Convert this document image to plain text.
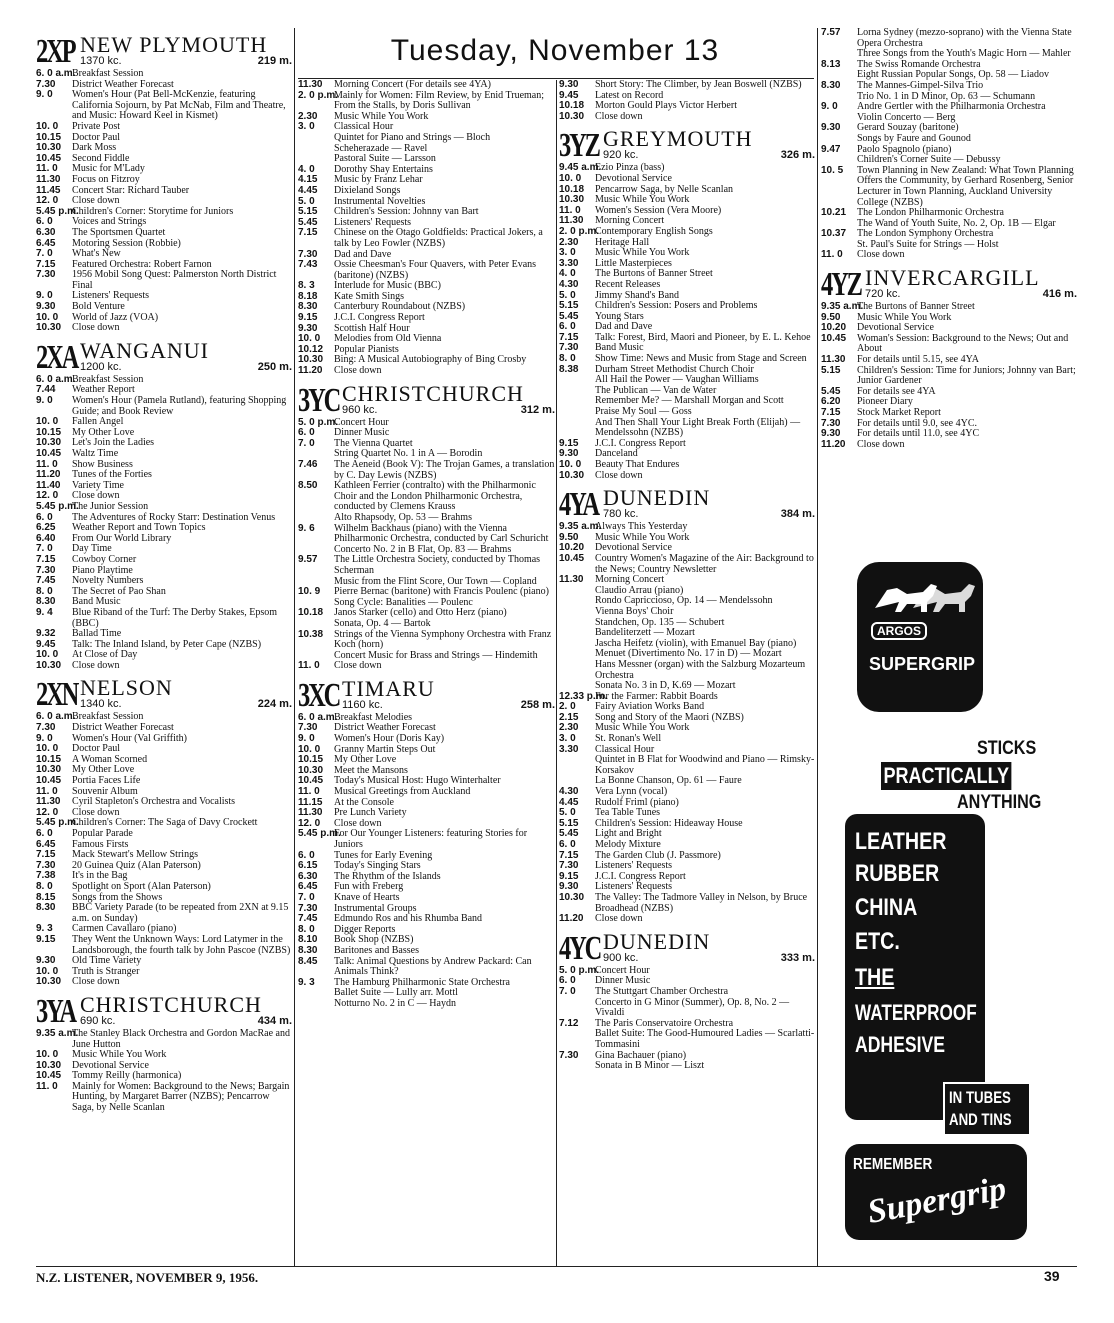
Tuesday, November 13
2XP NEW PLYMOUTH
1370 kc.	219 m.
6. 0 a.m.
Breakfast Session
7.30	District Weather Forecast
9. 0	Women's Hour (Pat Bell-McKenzie, featuring California Sojourn, by Pat McNab, Film and Theatre, and Music: Howard Keel in Kismet)
10. 0	Private Post
10.15	Doctor Paul
10.30	Dark Moss
10.45	Second Fiddle
11. 0	Music for M'Lady
11.30	Focus on Fitzroy
11.45	Concert Star: Richard Tauber
12. 0	Close down
5.45 p.m.
Children's Corner: Storytime for Juniors
6. 0	Voices and Strings
6.30	The Sportsmen Quartet
6.45	Motoring Session (Robbie)
7. 0	What's New
7.15	Featured Orchestra: Robert Farnon
7.30	1956 Mobil Song Quest: Palmerston North District Final
9. 0	Listeners' Requests
9.30	Bold Venture
10. 0	World of Jazz (VOA)
10.30	Close down
2XA WANGANUI
1200 kc.	250 m.
6. 0 a.m.
Breakfast Session
7.44	Weather Report
9. 0	Women's Hour (Pamela Rutland), featuring Shopping Guide; and Book Review
10. 0	Fallen Angel
10.15	My Other Love
10.30	Let's Join the Ladies
10.45	Waltz Time
11. 0	Show Business
11.20	Tunes of the Forties
11.40	Variety Time
12. 0	Close down
5.45 p.m.
The Junior Session
6. 0	The Adventures of Rocky Starr: Destination Venus
6.25	Weather Report and Town Topics
6.40	From Our World Library
7. 0	Day Time
7.15	Cowboy Corner
7.30	Piano Playtime
7.45	Novelty Numbers
8. 0	The Secret of Pao Shan
8.30	Band Music
9. 4	Blue Riband of the Turf: The Derby Stakes, Epsom (BBC)
9.32	Ballad Time
9.45	Talk: The Inland Island, by Peter Cape (NZBS)
10. 0	At Close of Day
10.30	Close down
2XN NELSON
1340 kc.	224 m.
6. 0 a.m.
Breakfast Session
7.30	District Weather Forecast
9. 0	Women's Hour (Val Griffith)
10. 0	Doctor Paul
10.15	A Woman Scorned
10.30	My Other Love
10.45	Portia Faces Life
11. 0	Souvenir Album
11.30	Cyril Stapleton's Orchestra and Vocalists
12. 0	Close down
5.45 p.m.
Children's Corner: The Saga of Davy Crockett
6. 0	Popular Parade
6.45	Famous Firsts
7.15	Mack Stewart's Mellow Strings
7.30	20 Guinea Quiz (Alan Paterson)
7.38	It's in the Bag
8. 0	Spotlight on Sport (Alan Paterson)
8.15	Songs from the Shows
8.30	BBC Variety Parade (to be repeated from 2XN at 9.15 a.m. on Sunday)
9. 3	Carmen Cavallaro (piano)
9.15	They Went the Unknown Ways: Lord Latymer in the Landsborough, the fourth talk by John Pascoe (NZBS)
9.30	Old Time Variety
10. 0	Truth is Stranger
10.30	Close down
3YA CHRISTCHURCH
690 kc.	434 m.
9.35 a.m.
The Stanley Black Orchestra and Gordon MacRae and June Hutton
10. 0	Music While You Work
10.30	Devotional Service
10.45	Tommy Reilly (harmonica)
11. 0	Mainly for Women: Background to the News; Bargain Hunting, by Margaret Barrer (NZBS); Pencarrow Saga, by Nelle Scanlan
11.30	Morning Concert (For details see 4YA)
2. 0 p.m.
Mainly for Women: Film Review, by Enid Trueman; From the Stalls, by Doris Sullivan
2.30	Music While You Work
3. 0	Classical Hour
Quintet for Piano and Strings — Bloch
Scheherazade — Ravel
Pastoral Suite — Larsson
4. 0	Dorothy Shay Entertains
4.15	Music by Franz Lehar
4.45	Dixieland Songs
5. 0	Instrumental Novelties
5.15	Children's Session: Johnny van Bart
5.45	Listeners' Requests
7.15	Chinese on the Otago Goldfields: Practical Jokers, a talk by Leo Fowler (NZBS)
7.30	Dad and Dave
7.43	Ossie Cheesman's Four Quavers, with Peter Evans (baritone) (NZBS)
8. 3	Interlude for Music (BBC)
8.18	Kate Smith Sings
8.30	Canterbury Roundabout (NZBS)
9.15	J.C.I. Congress Report
9.30	Scottish Half Hour
10. 0	Melodies from Old Vienna
10.12	Popular Pianists
10.30	Bing: A Musical Autobiography of Bing Crosby
11.20	Close down
3YC CHRISTCHURCH
960 kc.	312 m.
5. 0 p.m.
Concert Hour
6. 0	Dinner Music
7. 0	The Vienna Quartet
String Quartet No. 1 in A — Borodin
7.46	The Aeneid (Book V): The Trojan Games, a translation by C. Day Lewis (NZBS)
8.50	Kathleen Ferrier (contralto) with the Philharmonic Choir and the London Philharmonic Orchestra, conducted by Clemens Krauss
Alto Rhapsody, Op. 53 — Brahms
9. 6	Wilhelm Backhaus (piano) with the Vienna Philharmonic Orchestra, conducted by Carl Schuricht
Concerto No. 2 in B Flat, Op. 83 — Brahms
9.57	The Little Orchestra Society, conducted by Thomas Scherman
Music from the Flint Score, Our Town — Copland
10. 9	Pierre Bernac (baritone) with Francis Poulenc (piano)
Song Cycle: Banalities — Poulenc
10.18	Janos Starker (cello) and Otto Herz (piano)
Sonata, Op. 4 — Bartok
10.38	Strings of the Vienna Symphony Orchestra with Franz Koch (horn)
Concert Music for Brass and Strings — Hindemith
11. 0	Close down
3XC TIMARU
1160 kc.	258 m.
6. 0 a.m.
Breakfast Melodies
7.30	District Weather Forecast
9. 0	Women's Hour (Doris Kay)
10. 0	Granny Martin Steps Out
10.15	My Other Love
10.30	Meet the Mansons
10.45	Today's Musical Host: Hugo Winterhalter
11. 0	Musical Greetings from Auckland
11.15	At the Console
11.30	Pre Lunch Variety
12. 0	Close down
5.45 p.m.
For Our Younger Listeners: featuring Stories for Juniors
6. 0	Tunes for Early Evening
6.15	Today's Singing Stars
6.30	The Rhythm of the Islands
6.45	Fun with Freberg
7. 0	Knave of Hearts
7.30	Instrumental Groups
7.45	Edmundo Ros and his Rhumba Band
8. 0	Digger Reports
8.10	Book Shop (NZBS)
8.30	Baritones and Basses
8.45	Talk: Animal Questions by Andrew Packard: Can Animals Think?
9. 3	The Hamburg Philharmonic State Orchestra
Ballet Suite — Lully arr. Mottl
Notturno No. 2 in C — Haydn
9.30	Short Story: The Climber, by Jean Boswell (NZBS)
9.45	Latest on Record
10.18	Morton Gould Plays Victor Herbert
10.30	Close down
3YZ GREYMOUTH
920 kc.	326 m.
9.45 a.m.
Ezio Pinza (bass)
10. 0	Devotional Service
10.18	Pencarrow Saga, by Nelle Scanlan
10.30	Music While You Work
11. 0	Women's Session (Vera Moore)
11.30	Morning Concert
2. 0 p.m.
Contemporary English Songs
2.30	Heritage Hall
3. 0	Music While You Work
3.30	Little Masterpieces
4. 0	The Burtons of Banner Street
4.30	Recent Releases
5. 0	Jimmy Shand's Band
5.15	Children's Session: Posers and Problems
5.45	Young Stars
6. 0	Dad and Dave
7.15	Talk: Forest, Bird, Maori and Pioneer, by E. L. Kehoe
7.30	Band Music
8. 0	Show Time: News and Music from Stage and Screen
8.38	Durham Street Methodist Church Choir
All Hail the Power — Vaughan Williams
The Publican — Van de Water
Remember Me? — Marshall Morgan and Scott
Praise My Soul — Goss
And Then Shall Your Light Break Forth (Elijah) — Mendelssohn (NZBS)
9.15	J.C.I. Congress Report
9.30	Danceland
10. 0	Beauty That Endures
10.30	Close down
4YA DUNEDIN
780 kc.	384 m.
9.35 a.m.
Always This Yesterday
9.50	Music While You Work
10.20	Devotional Service
10.45	Country Women's Magazine of the Air: Background to the News; Country Newsletter
11.30	Morning Concert
Claudio Arrau (piano)
Rondo Capriccioso, Op. 14 — Mendelssohn
Vienna Boys' Choir
Standchen, Op. 135 — Schubert
Bandeliterzett — Mozart
Jascha Heifetz (violin), with Emanuel Bay (piano)
Menuet (Divertimento No. 17 in D) — Mozart
Hans Messner (organ) with the Salzburg Mozarteum Orchestra
Sonata No. 3 in D, K.69 — Mozart
12.33 p.m.
For the Farmer: Rabbit Boards
2. 0	Fairy Aviation Works Band
2.15	Song and Story of the Maori (NZBS)
2.30	Music While You Work
3. 0	St. Ronan's Well
3.30	Classical Hour
Quintet in B Flat for Woodwind and Piano — Rimsky-Korsakov
La Bonne Chanson, Op. 61 — Faure
4.30	Vera Lynn (vocal)
4.45	Rudolf Friml (piano)
5. 0	Tea Table Tunes
5.15	Children's Session: Hideaway House
5.45	Light and Bright
6. 0	Melody Mixture
7.15	The Garden Club (J. Passmore)
7.30	Listeners' Requests
9.15	J.C.I. Congress Report
9.30	Listeners' Requests
10.30	The Valley: The Tadmore Valley in Nelson, by Bruce Broadhead (NZBS)
11.20	Close down
4YC DUNEDIN
900 kc.	333 m.
5. 0 p.m.
Concert Hour
6. 0	Dinner Music
7. 0	The Stuttgart Chamber Orchestra
Concerto in G Minor (Summer), Op. 8, No. 2 — Vivaldi
7.12	The Paris Conservatoire Orchestra
Ballet Suite: The Good-Humoured Ladies — Scarlatti-Tommasini
7.30	Gina Bachauer (piano)
Sonata in B Minor — Liszt
7.57	Lorna Sydney (mezzo-soprano) with the Vienna State Opera Orchestra
Three Songs from the Youth's Magic Horn — Mahler
8.13	The Swiss Romande Orchestra
Eight Russian Popular Songs, Op. 58 — Liadov
8.30	The Mannes-Gimpel-Silva Trio
Trio No. 1 in D Minor, Op. 63 — Schumann
9. 0	Andre Gertler with the Philharmonia Orchestra
Violin Concerto — Berg
9.30	Gerard Souzay (baritone)
Songs by Faure and Gounod
9.47	Paolo Spagnolo (piano)
Children's Corner Suite — Debussy
10. 5	Town Planning in New Zealand: What Town Planning Offers the Community, by Gerhard Rosenberg, Senior Lecturer in Town Planning, Auckland University College (NZBS)
10.21	The London Philharmonic Orchestra
The Wand of Youth Suite, No. 2, Op. 1B — Elgar
10.37	The London Symphony Orchestra
St. Paul's Suite for Strings — Holst
11. 0	Close down
4YZ INVERCARGILL
720 kc.	416 m.
9.35 a.m.
The Burtons of Banner Street
9.50	Music While You Work
10.20	Devotional Service
10.45	Woman's Session: Background to the News; Out and About
11.30	For details until 5.15, see 4YA
5.15	Children's Session: Time for Juniors; Johnny van Bart; Junior Gardener
5.45	For details see 4YA
6.20	Pioneer Diary
7.15	Stock Market Report
7.30	For details until 9.0, see 4YC.
9.30	For details until 11.0, see 4YC
11.20	Close down
ARGOS
SUPERGRIP
STICKS
PRACTICALLY
ANYTHING
LEATHER
RUBBER
CHINA
ETC.
THE
WATERPROOF
ADHESIVE
IN TUBES
AND TINS
REMEMBER
Supergrip
N.Z. LISTENER, NOVEMBER 9, 1956.	39
